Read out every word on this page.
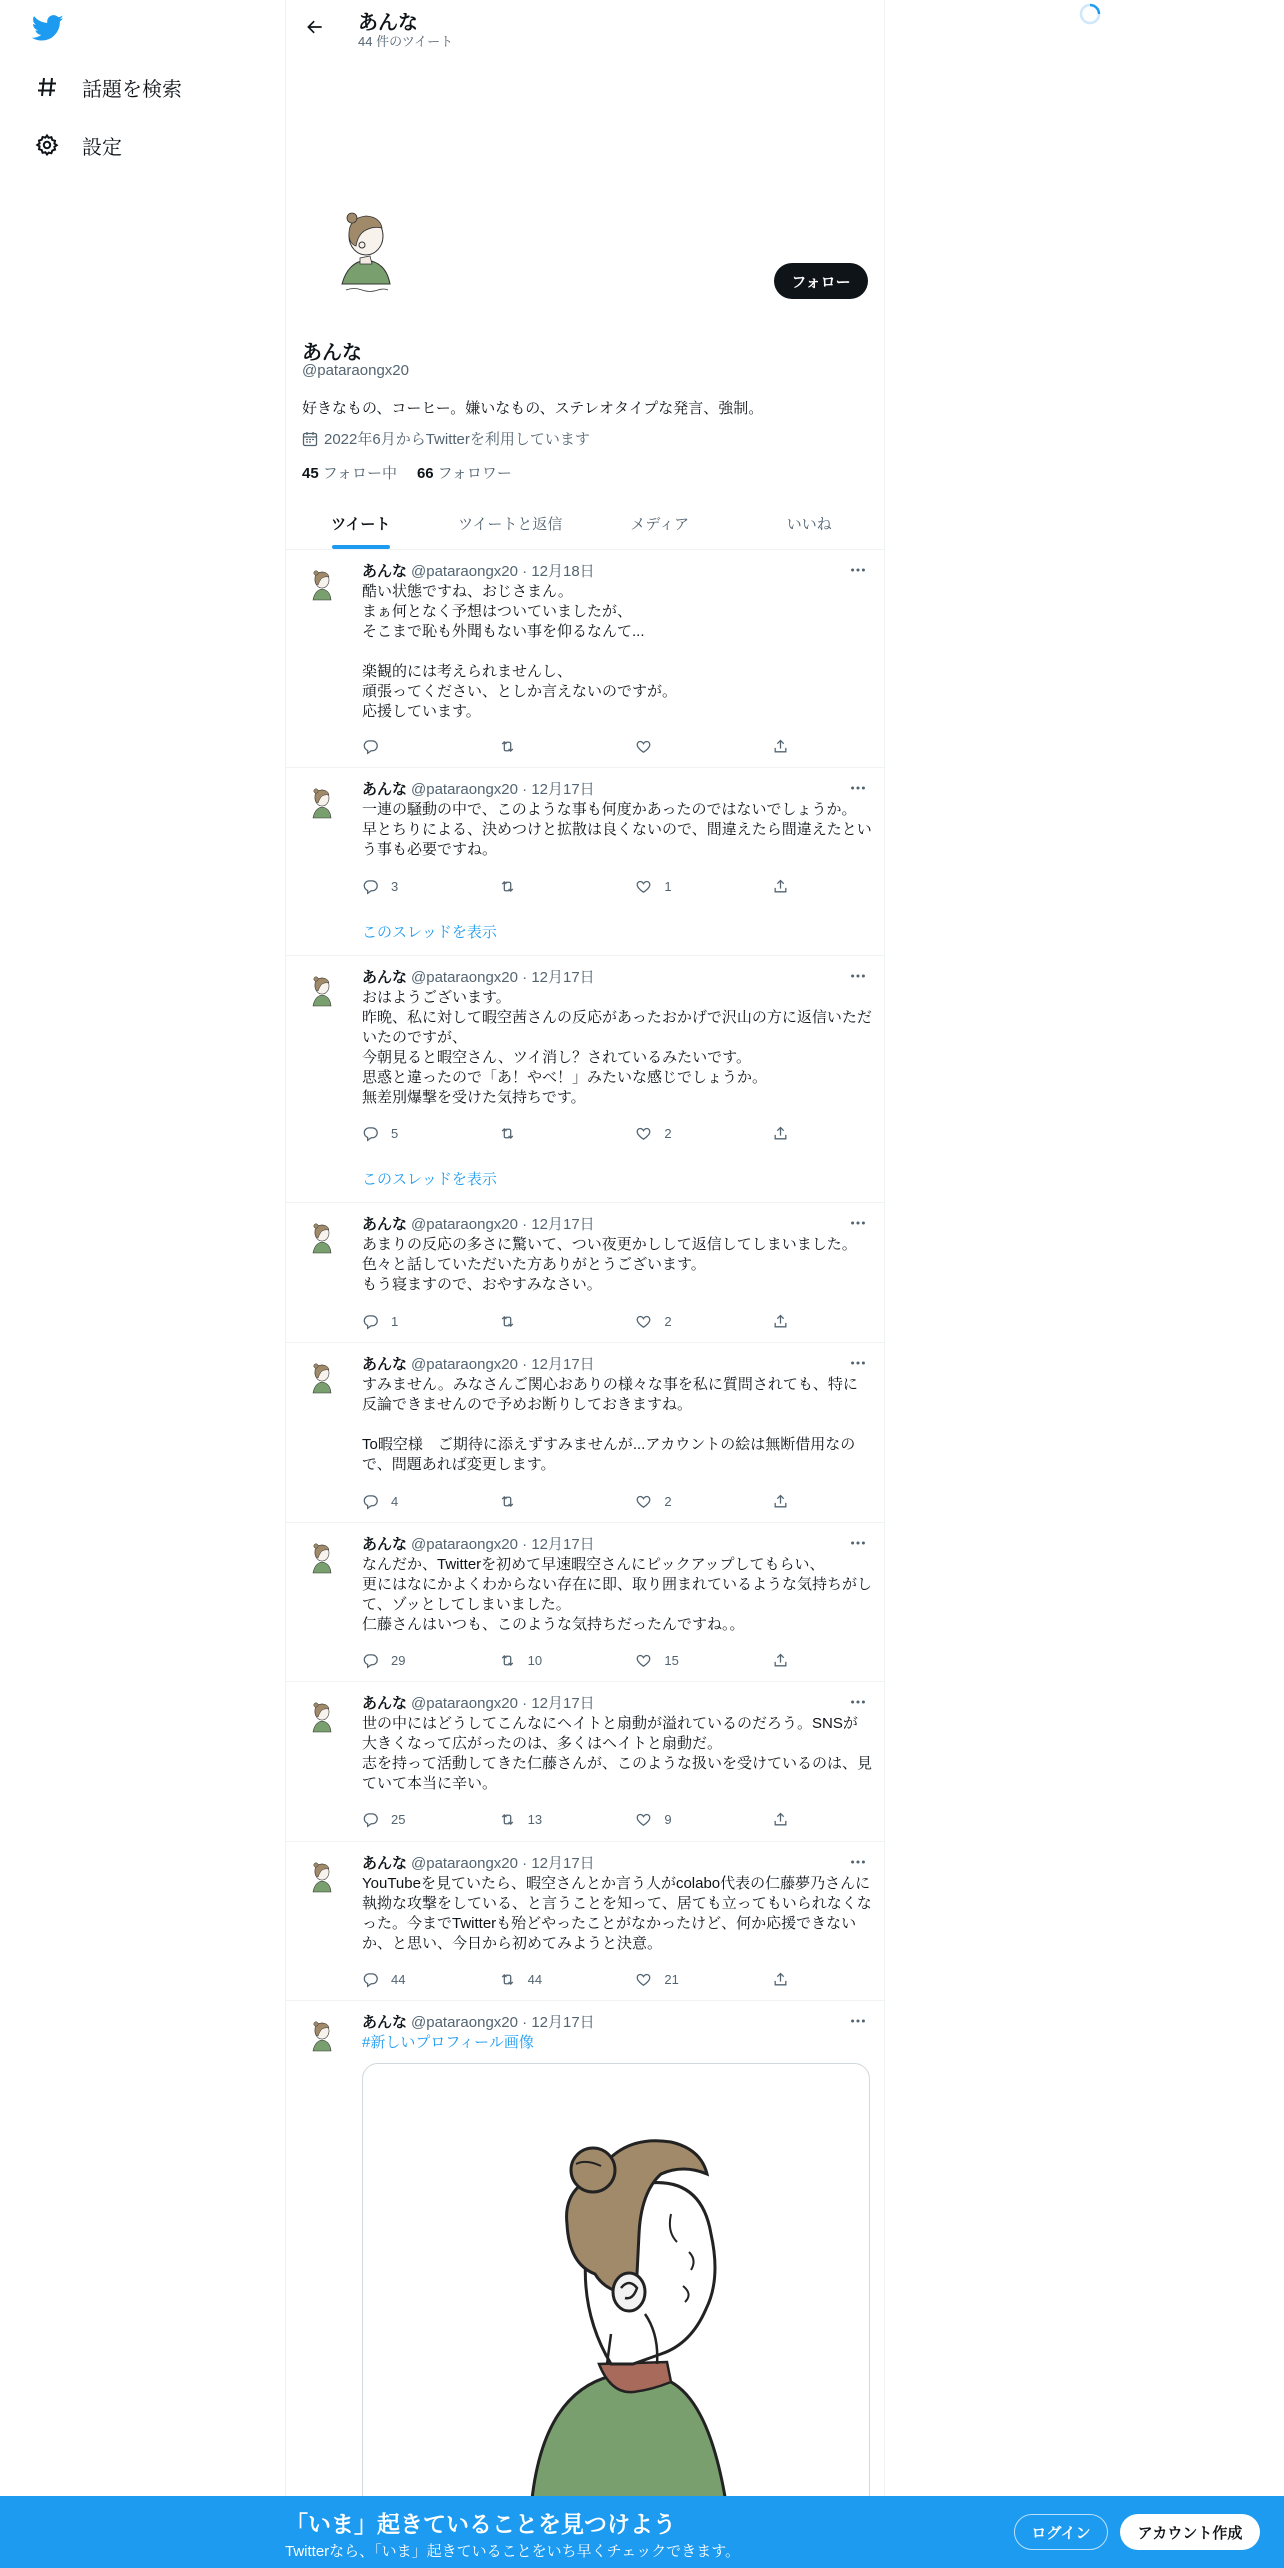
話題を検索
設定
あんな
44 件のツイート
フォロー
あんな
@pataraongx20
好きなもの、コーヒー。嫌いなもの、ステレオタイプな発言、強制。
2022年6月からTwitterを利用しています
45 フォロー中 66 フォロワー
ツイート	ツイートと返信	メディア	いいね
あんな @pataraongx20 · 12月18日
酷い状態ですね、おじさまん。
まぁ何となく予想はついていましたが、
そこまで恥も外聞もない事を仰るなんて...

楽観的には考えられませんし、
頑張ってください、としか言えないのですが。
応援しています。
あんな @pataraongx20 · 12月17日
一連の騒動の中で、このような事も何度かあったのではないでしょうか。
早とちりによる、決めつけと拡散は良くないので、間違えたら間違えたという事も必要ですね。
3	1
このスレッドを表示
あんな @pataraongx20 · 12月17日
おはようございます。
昨晩、私に対して暇空茜さんの反応があったおかげで沢山の方に返信いただいたのですが、
今朝見ると暇空さん、ツイ消し？されているみたいです。
思惑と違ったので「あ！やべ！」みたいな感じでしょうか。
無差別爆撃を受けた気持ちです。
5	2
このスレッドを表示
あんな @pataraongx20 · 12月17日
あまりの反応の多さに驚いて、つい夜更かしして返信してしまいました。
色々と話していただいた方ありがとうございます。
もう寝ますので、おやすみなさい。
1	2
あんな @pataraongx20 · 12月17日
すみません。みなさんご関心おありの様々な事を私に質問されても、特に反論できませんので予めお断りしておきますね。

To暇空様　ご期待に添えずすみませんが...アカウントの絵は無断借用なので、問題あれば変更します。
4	2
あんな @pataraongx20 · 12月17日
なんだか、Twitterを初めて早速暇空さんにピックアップしてもらい、
更にはなにかよくわからない存在に即、取り囲まれているような気持ちがして、ゾッとしてしまいました。
仁藤さんはいつも、このような気持ちだったんですね。。
29	10	15
あんな @pataraongx20 · 12月17日
世の中にはどうしてこんなにヘイトと扇動が溢れているのだろう。SNSが大きくなって広がったのは、多くはヘイトと扇動だ。
志を持って活動してきた仁藤さんが、このような扱いを受けているのは、見ていて本当に辛い。
25	13	9
あんな @pataraongx20 · 12月17日
YouTubeを見ていたら、暇空さんとか言う人がcolabo代表の仁藤夢乃さんに執拗な攻撃をしている、と言うことを知って、居ても立ってもいられなくなった。今までTwitterも殆どやったことがなかったけど、何か応援できないか、と思い、今日から初めてみようと決意。
44	44	21
あんな @pataraongx20 · 12月17日
#新しいプロフィール画像
「いま」起きていることを見つけよう
Twitterなら、「いま」起きていることをいち早くチェックできます。
ログイン	アカウント作成
